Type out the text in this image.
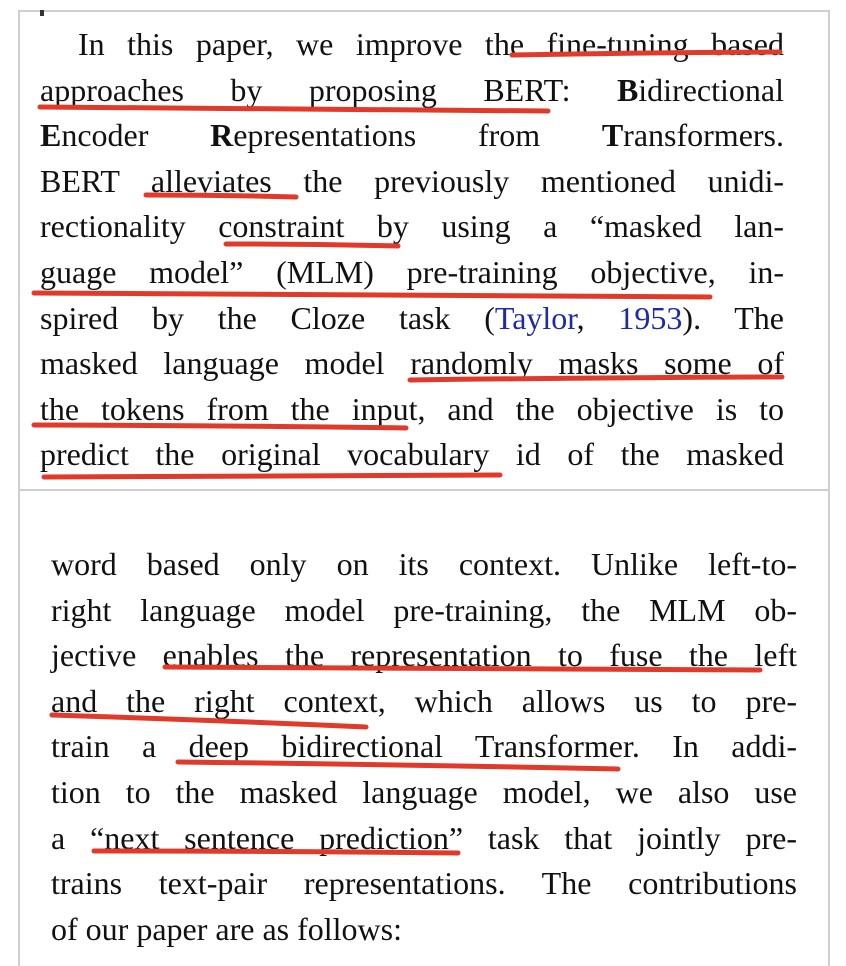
In this paper, we improve the fine-tuning based
approaches by proposing BERT: Bidirectional
Encoder Representations from Transformers.
BERT alleviates the previously mentioned unidi-
rectionality constraint by using a “masked lan-
guage model” (MLM) pre-training objective, in-
spired by the Cloze task (Taylor, 1953). The
masked language model randomly masks some of
the tokens from the input, and the objective is to
predict the original vocabulary id of the masked
word based only on its context. Unlike left-to-
right language model pre-training, the MLM ob-
jective enables the representation to fuse the left
and the right context, which allows us to pre-
train a deep bidirectional Transformer. In addi-
tion to the masked language model, we also use
a “next sentence prediction” task that jointly pre-
trains text-pair representations. The contributions
of our paper are as follows:
